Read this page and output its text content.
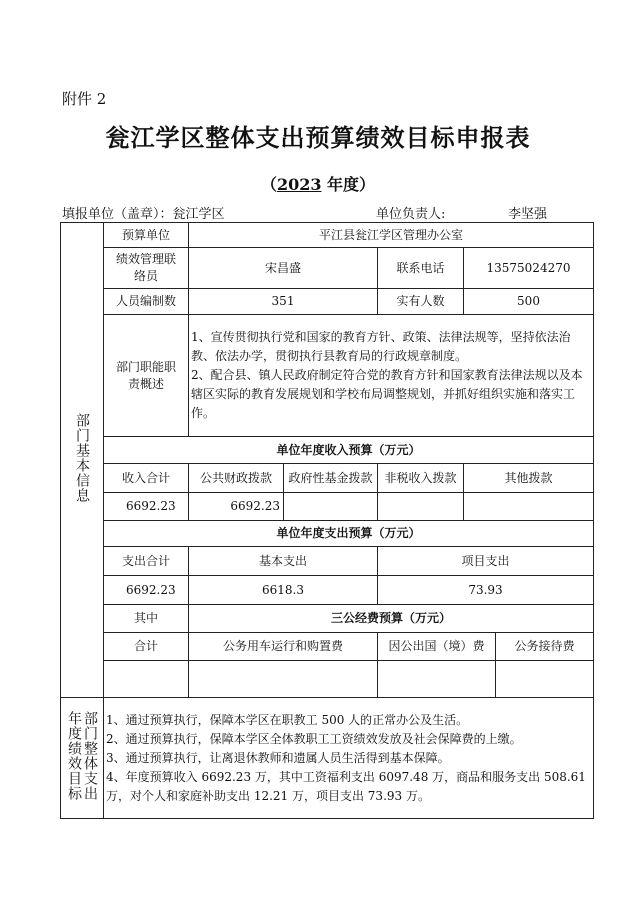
附件 2
瓮江学区整体支出预算绩效目标申报表
（2023 年度）
填报单位（盖章）：瓮江学区	单位负责人:	李坚强
部门基本信息	预算单位	平江县瓮江学区管理办公室				
	绩效管理联络员	宋昌盛		联系电话	13575024270	
	人员编制数	351		实有人数	500	
	部门职能职责概述	1、宣传贯彻执行党和国家的教育方针、政策、法律法规等，坚持依法治教、依法办学，贯彻执行县教育局的行政规章制度。
2、配合县、镇人民政府制定符合党的教育方针和国家教育法律法规以及本辖区实际的教育发展规划和学校布局调整规划，并抓好组织实施和落实工作。				

	单位年度收入预算（万元）					
	收入合计	公共财政拨款	政府性基金拨款	非税收入拨款	其他拨款	
	6692.23	6692.23				
	单位年度支出预算（万元）					
	支出合计	基本支出		项目支出		
	6692.23	6618.3		73.93		
	其中	三公经费预算（万元）				
	合计	公务用车运行和购置费		因公出国（境）费		公务接待费

年度绩效目标部门整体支出	1、通过预算执行，保障本学区在职教工 500 人的正常办公及生活。
2、通过预算执行，保障本学区全体教职工工资绩效发放及社会保障费的上缴。
3、通过预算执行，让离退休教师和遗属人员生活得到基本保障。
4、年度预算收入 6692.23 万，其中工资福利支出 6097.48 万，商品和服务支出 508.61 万，对个人和家庭补助支出 12.21 万，项目支出 73.93 万。					
